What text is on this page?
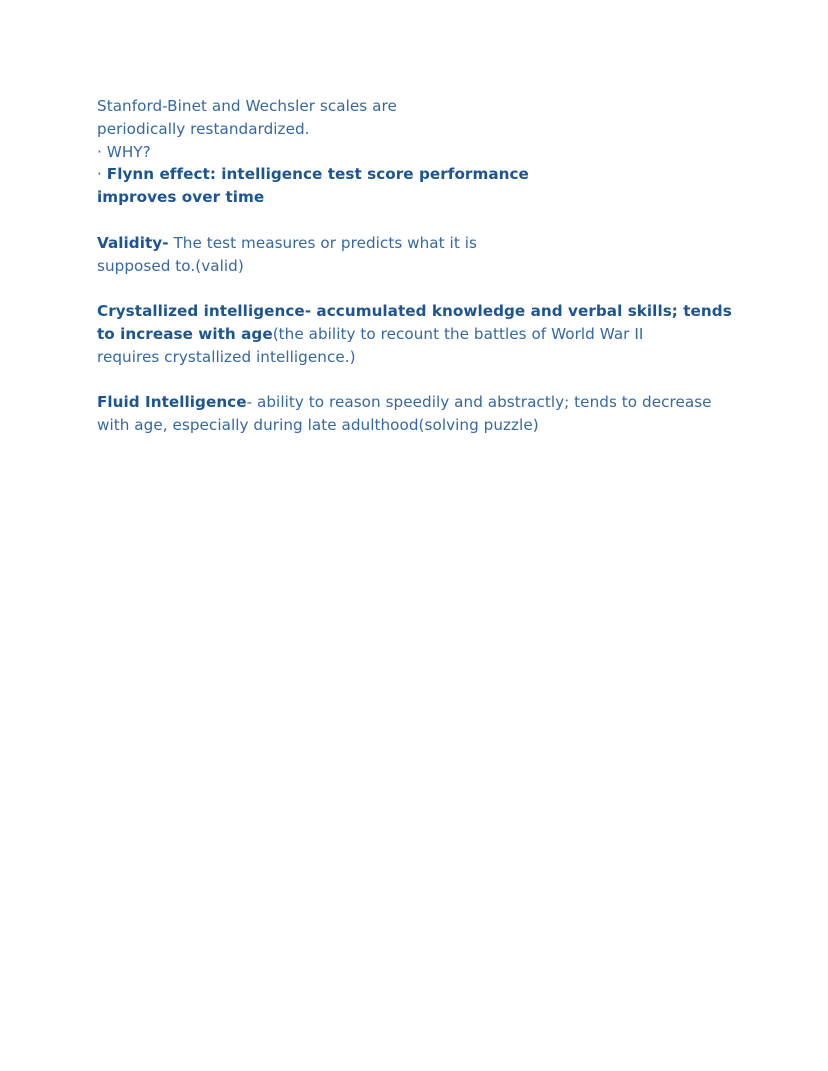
Stanford-Binet and Wechsler scales are
periodically restandardized.
· WHY?
· Flynn effect: intelligence test score performance
improves over time
Validity- The test measures or predicts what it is
supposed to.(valid)
Crystallized intelligence- accumulated knowledge and verbal skills; tends
to increase with age(the ability to recount the battles of World War II
requires crystallized intelligence.)
Fluid Intelligence- ability to reason speedily and abstractly; tends to decrease
with age, especially during late adulthood(solving puzzle)
